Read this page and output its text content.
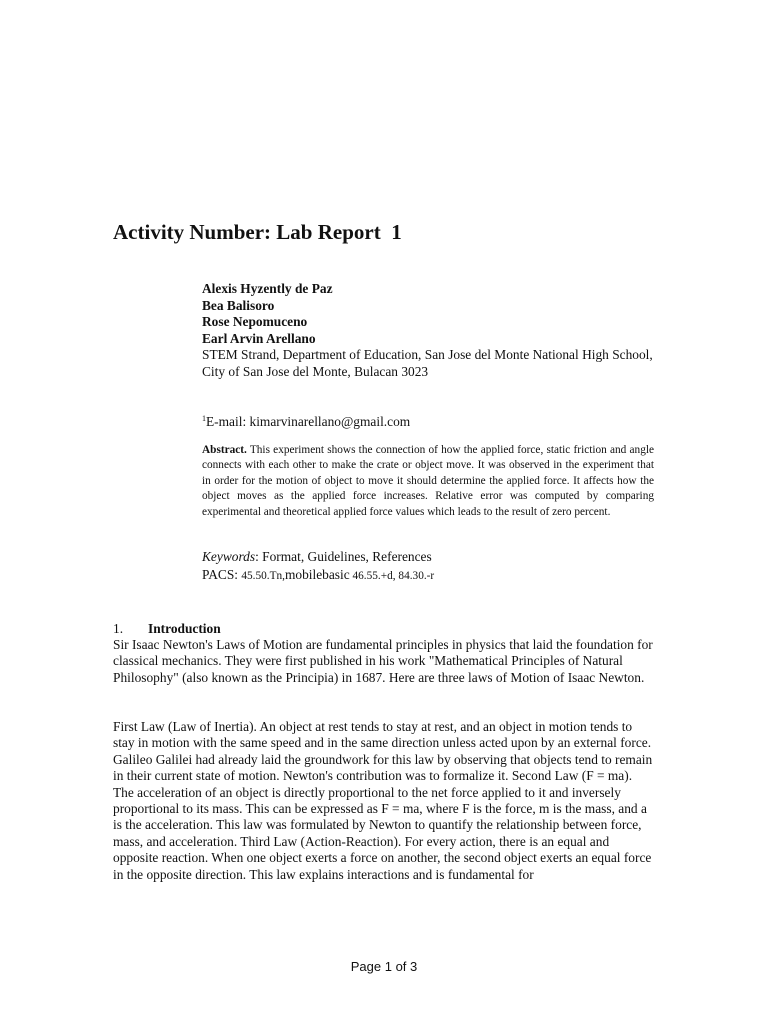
Activity Number: Lab Report  1
Alexis Hyzently de Paz
Bea Balisoro
Rose Nepomuceno
Earl Arvin Arellano
STEM Strand, Department of Education, San Jose del Monte National High School, City of San Jose del Monte, Bulacan 3023
$^1$E-mail: kimarvinarellano@gmail.com
Abstract. This experiment shows the connection of how the applied force, static friction and angle connects with each other to make the crate or object move. It was observed in the experiment that in order for the motion of object to move it should determine the applied force. It affects how the object moves as the applied force increases. Relative error was computed by comparing experimental and theoretical applied force values which leads to the result of zero percent.
Keywords: Format, Guidelines, References
PACS: 45.50.Tn,mobilebasic 46.55.+d, 84.30.-r
1. Introduction

Sir Isaac Newton's Laws of Motion are fundamental principles in physics that laid the foundation for classical mechanics. They were first published in his work "Mathematical Principles of Natural Philosophy" (also known as the Principia) in 1687. Here are three laws of Motion of Isaac Newton.

First Law (Law of Inertia). An object at rest tends to stay at rest, and an object in motion tends to stay in motion with the same speed and in the same direction unless acted upon by an external force. Galileo Galilei had already laid the groundwork for this law by observing that objects tend to remain in their current state of motion. Newton's contribution was to formalize it. Second Law (F = ma). The acceleration of an object is directly proportional to the net force applied to it and inversely proportional to its mass. This can be expressed as F = ma, where F is the force, m is the mass, and a is the acceleration. This law was formulated by Newton to quantify the relationship between force, mass, and acceleration. Third Law (Action-Reaction). For every action, there is an equal and opposite reaction. When one object exerts a force on another, the second object exerts an equal force in the opposite direction. This law explains interactions and is fundamental for

Page 1 of 3
